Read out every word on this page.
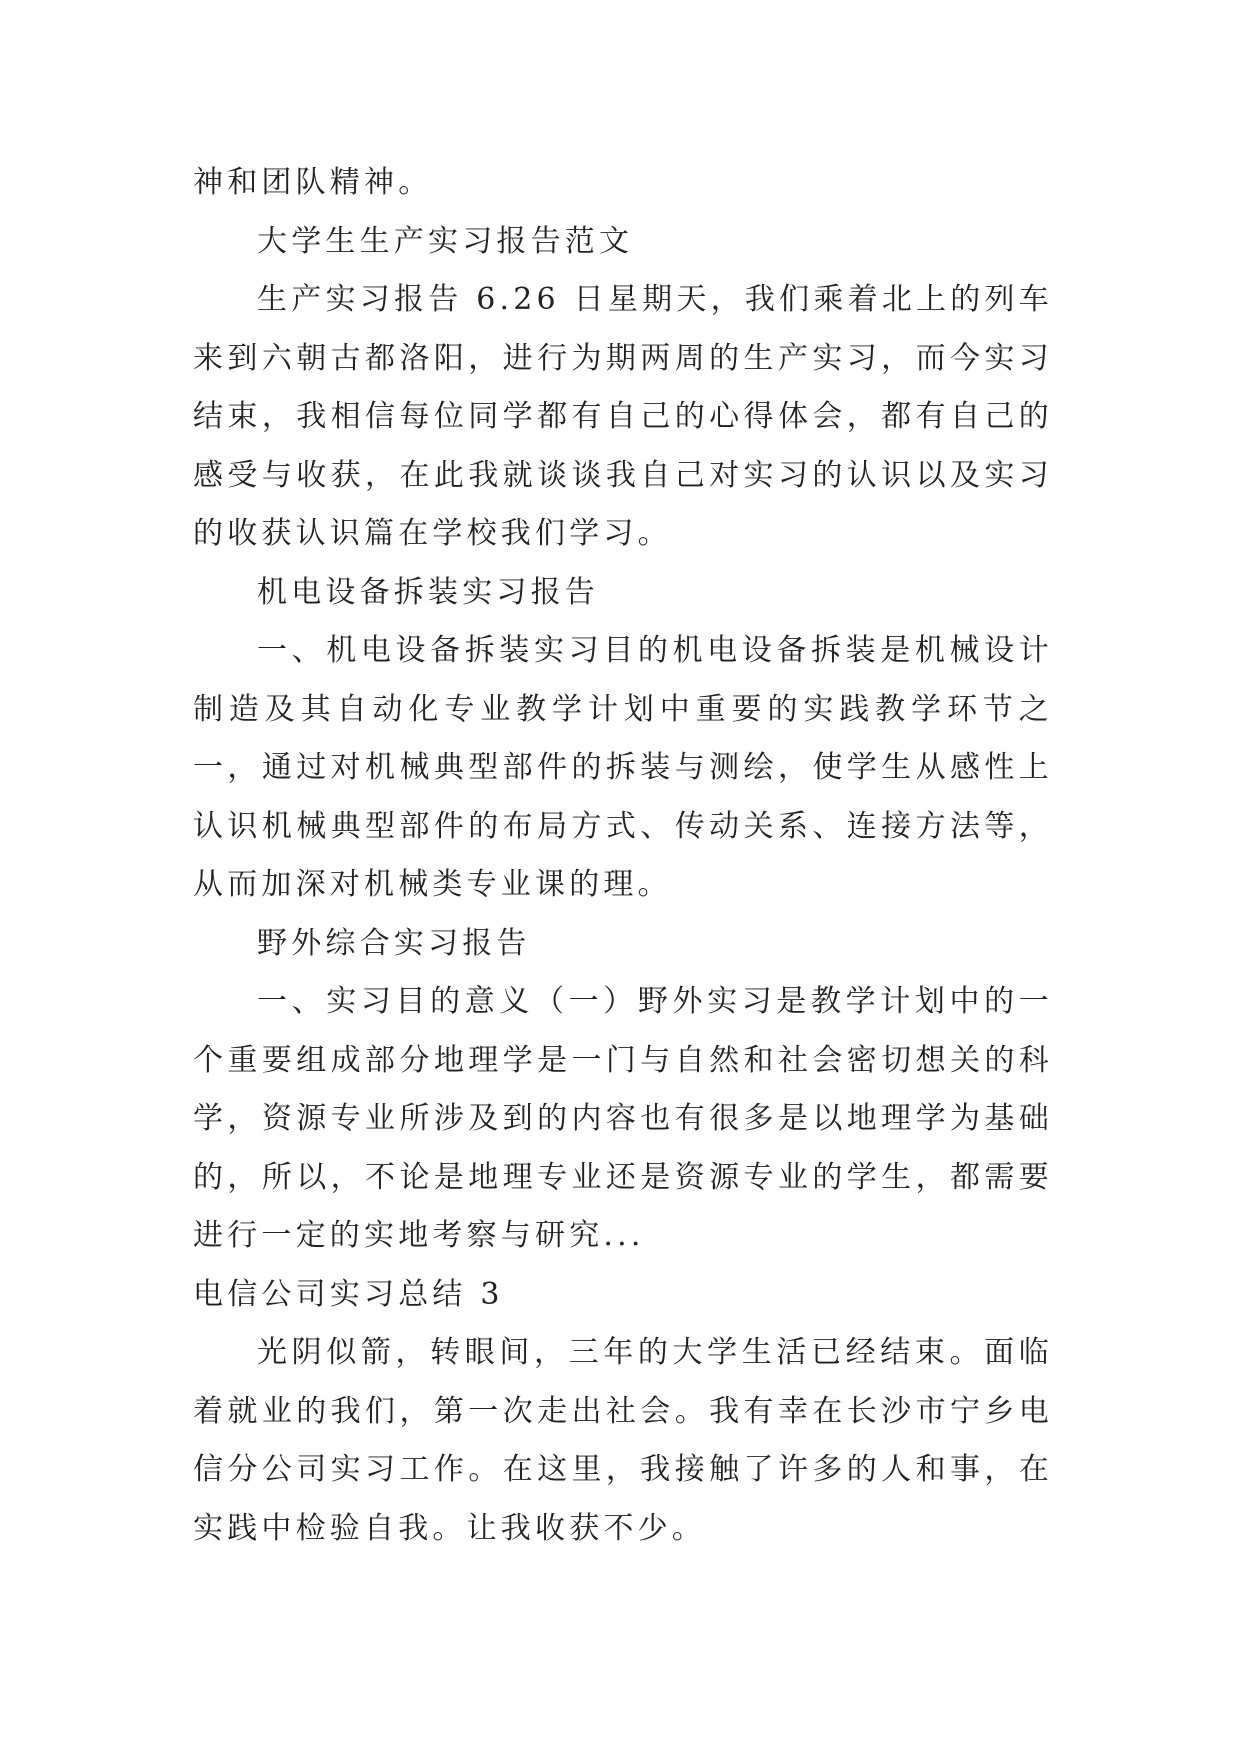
神和团队精神。

大学生生产实习报告范文

生产实习报告 6.26 日星期天，我们乘着北上的列车来到六朝古都洛阳，进行为期两周的生产实习，而今实习结束，我相信每位同学都有自己的心得体会，都有自己的感受与收获，在此我就谈谈我自己对实习的认识以及实习的收获认识篇在学校我们学习。

机电设备拆装实习报告

一、机电设备拆装实习目的机电设备拆装是机械设计制造及其自动化专业教学计划中重要的实践教学环节之一，通过对机械典型部件的拆装与测绘，使学生从感性上认识机械典型部件的布局方式、传动关系、连接方法等，从而加深对机械类专业课的理。

野外综合实习报告

一、实习目的意义（一）野外实习是教学计划中的一个重要组成部分地理学是一门与自然和社会密切想关的科学，资源专业所涉及到的内容也有很多是以地理学为基础的，所以，不论是地理专业还是资源专业的学生，都需要进行一定的实地考察与研究...

电信公司实习总结 3

光阴似箭，转眼间，三年的大学生活已经结束。面临着就业的我们，第一次走出社会。我有幸在长沙市宁乡电信分公司实习工作。在这里，我接触了许多的人和事，在实践中检验自我。让我收获不少。
